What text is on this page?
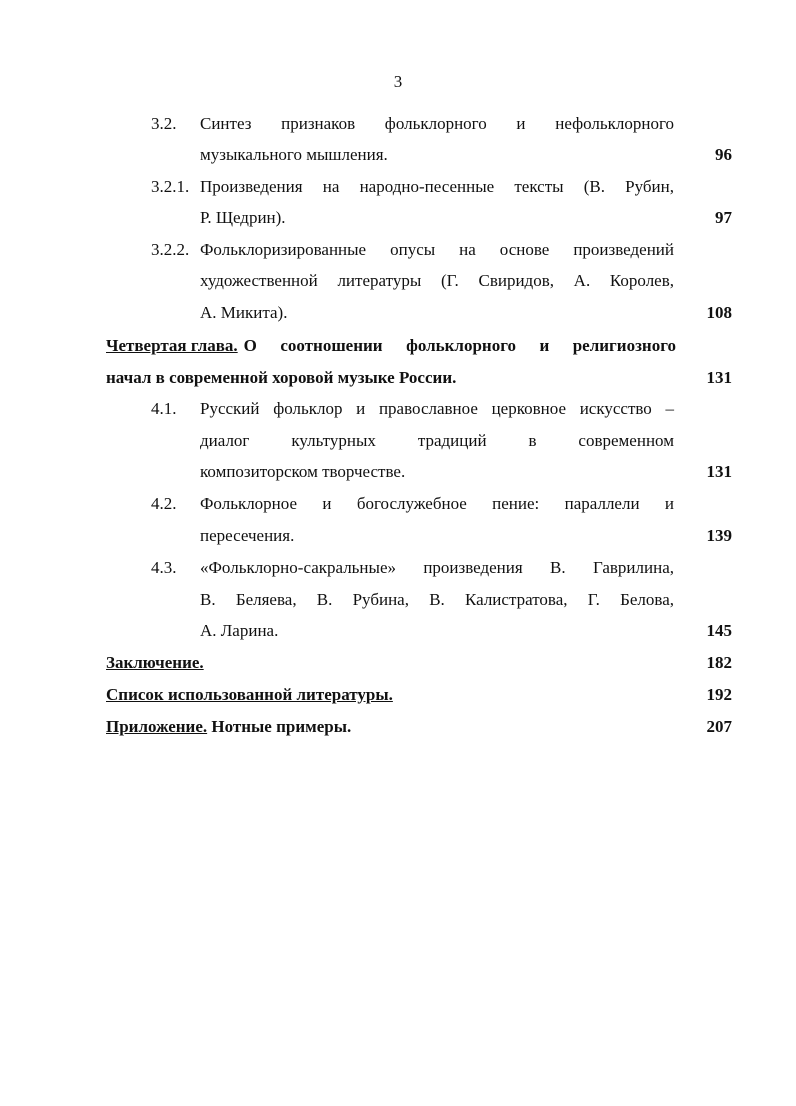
3
3.2. Синтез признаков фольклорного и нефольклорного
музыкального мышления.	96
3.2.1. Произведения на народно-песенные тексты (В. Рубин,
Р. Щедрин).	97
3.2.2. Фольклоризированные опусы на основе произведений
художественной литературы (Г. Свиридов, А. Королев,
А. Микита).	108
Четвертая глава. О соотношении фольклорного и религиозного
начал в современной хоровой музыке России.	131
4.1. Русский фольклор и православное церковное искусство –
диалог культурных традиций в современном
композиторском творчестве.	131
4.2. Фольклорное и богослужебное пение: параллели и
пересечения.	139
4.3. «Фольклорно-сакральные» произведения В. Гаврилина,
В. Беляева, В. Рубина, В. Калистратова, Г. Белова,
А. Ларина.	145
Заключение.	182
Список использованной литературы.	192
Приложение. Нотные примеры.	207
